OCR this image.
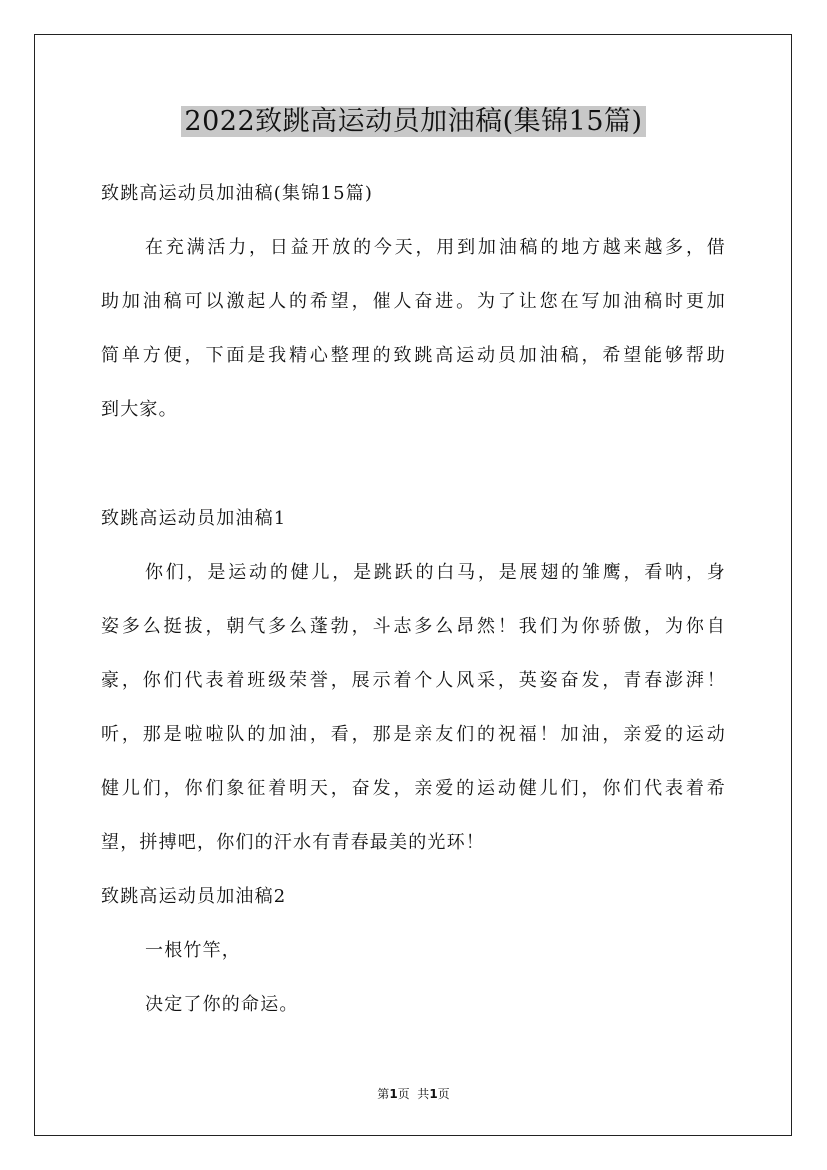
2022致跳高运动员加油稿(集锦15篇)
致跳高运动员加油稿(集锦15篇)
在充满活力，日益开放的今天，用到加油稿的地方越来越多，借
助加油稿可以激起人的希望，催人奋进。为了让您在写加油稿时更加
简单方便，下面是我精心整理的致跳高运动员加油稿，希望能够帮助
到大家。
致跳高运动员加油稿1
你们，是运动的健儿，是跳跃的白马，是展翅的雏鹰，看呐，身
姿多么挺拔，朝气多么蓬勃，斗志多么昂然！我们为你骄傲，为你自
豪，你们代表着班级荣誉，展示着个人风采，英姿奋发，青春澎湃！
听，那是啦啦队的加油，看，那是亲友们的祝福！加油，亲爱的运动
健儿们，你们象征着明天，奋发，亲爱的运动健儿们，你们代表着希
望，拼搏吧，你们的汗水有青春最美的光环！
致跳高运动员加油稿2
一根竹竿，
决定了你的命运。
第1页  共1页
